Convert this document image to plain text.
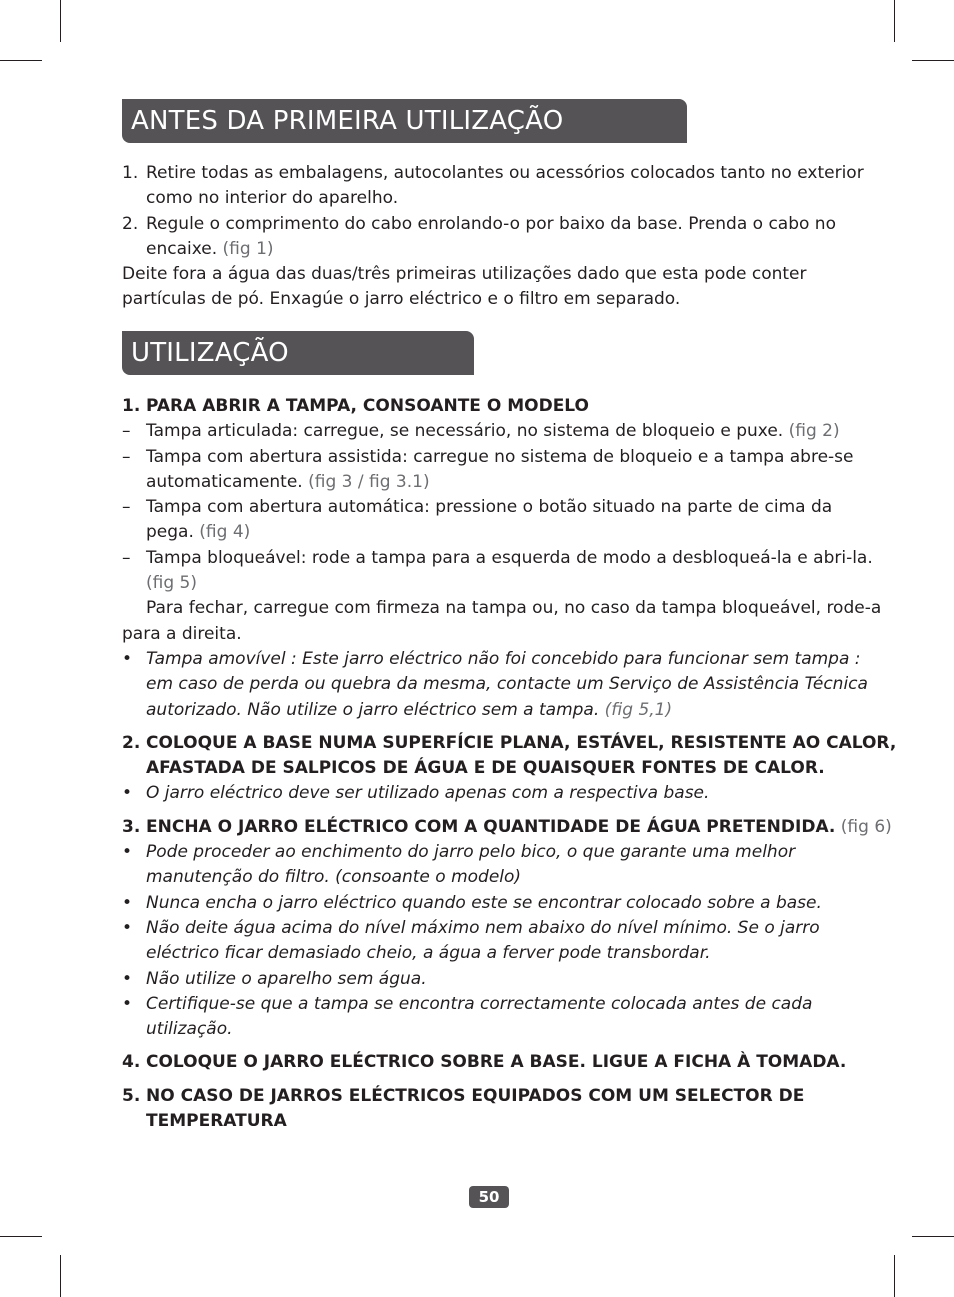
ANTES DA PRIMEIRA UTILIZAÇÃO
1. Retire todas as embalagens, autocolantes ou acessórios colocados tanto no exterior
como no interior do aparelho.
2. Regule o comprimento do cabo enrolando-o por baixo da base. Prenda o cabo no
encaixe. (fig 1)
Deite fora a água das duas/três primeiras utilizações dado que esta pode conter
partículas de pó. Enxagúe o jarro eléctrico e o filtro em separado.
UTILIZAÇÃO
1. PARA ABRIR A TAMPA, CONSOANTE O MODELO
– Tampa articulada: carregue, se necessário, no sistema de bloqueio e puxe. (fig 2)
– Tampa com abertura assistida: carregue no sistema de bloqueio e a tampa abre-se
automaticamente. (fig 3 / fig 3.1)
– Tampa com abertura automática: pressione o botão situado na parte de cima da
pega. (fig 4)
– Tampa bloqueável: rode a tampa para a esquerda de modo a desbloqueá-la e abri-la.
(fig 5)
Para fechar, carregue com firmeza na tampa ou, no caso da tampa bloqueável, rode-a
para a direita.
• Tampa amovível : Este jarro eléctrico não foi concebido para funcionar sem tampa :
em caso de perda ou quebra da mesma, contacte um Serviço de Assistência Técnica
autorizado. Não utilize o jarro eléctrico sem a tampa. (fig 5,1)
2. COLOQUE A BASE NUMA SUPERFÍCIE PLANA, ESTÁVEL, RESISTENTE AO CALOR,
AFASTADA DE SALPICOS DE ÁGUA E DE QUAISQUER FONTES DE CALOR.
• O jarro eléctrico deve ser utilizado apenas com a respectiva base.
3. ENCHA O JARRO ELÉCTRICO COM A QUANTIDADE DE ÁGUA PRETENDIDA. (fig 6)
• Pode proceder ao enchimento do jarro pelo bico, o que garante uma melhor
manutenção do filtro. (consoante o modelo)
• Nunca encha o jarro eléctrico quando este se encontrar colocado sobre a base.
• Não deite água acima do nível máximo nem abaixo do nível mínimo. Se o jarro
eléctrico ficar demasiado cheio, a água a ferver pode transbordar.
• Não utilize o aparelho sem água.
• Certifique-se que a tampa se encontra correctamente colocada antes de cada
utilização.
4. COLOQUE O JARRO ELÉCTRICO SOBRE A BASE. LIGUE A FICHA À TOMADA.
5. NO CASO DE JARROS ELÉCTRICOS EQUIPADOS COM UM SELECTOR DE
TEMPERATURA
50
